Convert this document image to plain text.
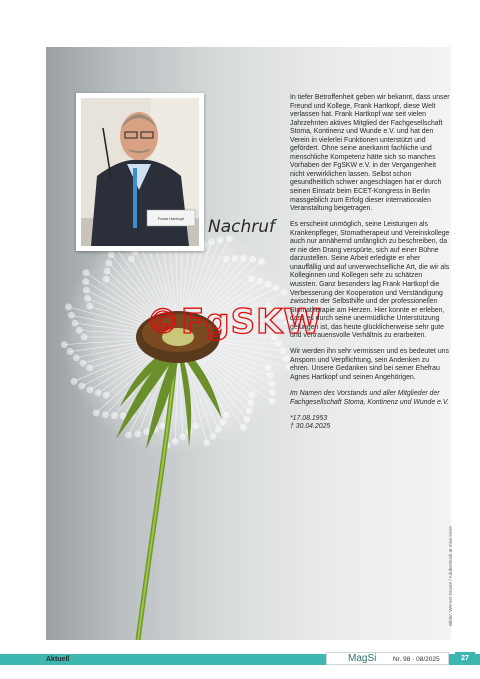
Frank Hartkopf Nachruf

In tiefer Betroffenheit geben wir bekannt, dass unser Freund und Kollege, Frank Hartkopf, diese Welt verlassen hat. Frank Hartkopf war seit vielen Jahrzehnten aktives Mitglied der Fachgesellschaft Stoma, Kontinenz und Wunde e.V. und hat den Verein in vielerlei Funktionen unterstützt und gefördert. Ohne seine anerkannt fachliche und menschliche Kompetenz hätte sich so manches Vorhaben der FgSKW e.V. in der Vergangenheit nicht verwirklichen lassen. Selbst schon gesundheitlich schwer angeschlagen hat er durch seinen Einsatz beim ECET-Kongress in Berlin massgeblich zum Erfolg dieser internationalen Veranstaltung beigetragen.

Es erscheint unmöglich, seine Leistungen als Krankenpfleger, Stomatherapeut und Vereinskollege auch nur annähernd umfänglich zu beschreiben, da er nie den Drang verspürte, sich auf einer Bühne darzustellen. Seine Arbeit erledigte er eher unauffällig und auf unverwechselliche Art, die wir als Kolleginnen und Kollegen sehr zu schätzen wussten. Ganz besonders lag Frank Hartkopf die Verbesserung der Kooperation und Verständigung zwischen der Selbsthilfe und der professionellen Stomatherapie am Herzen. Hier konnte er erleben, dass es durch seine unermüdliche Unterstützung gelungen ist, das heute glücklicherweise sehr gute und vertrauensvolle Verhältnis zu erarbeiten.

Wir werden ihn sehr vermissen und es bedeutet uns Ansporn und Verpflichtung, sein Andenken zu ehren. Unsere Gedanken sind bei seiner Ehefrau Agnes Hartkopf und seinen Angehörigen.

Im Namen des Vorstands und aller Mitglieder der Fachgesellschaft Stoma, Kontinenz und Wunde e.V.

*17.08.1953
† 30.04.2025

©FgSKW
Bilder: Werner Droste / AdobeStock at miss irene
Aktuell	MagSi	Nr. 98 · 08/2025	27
